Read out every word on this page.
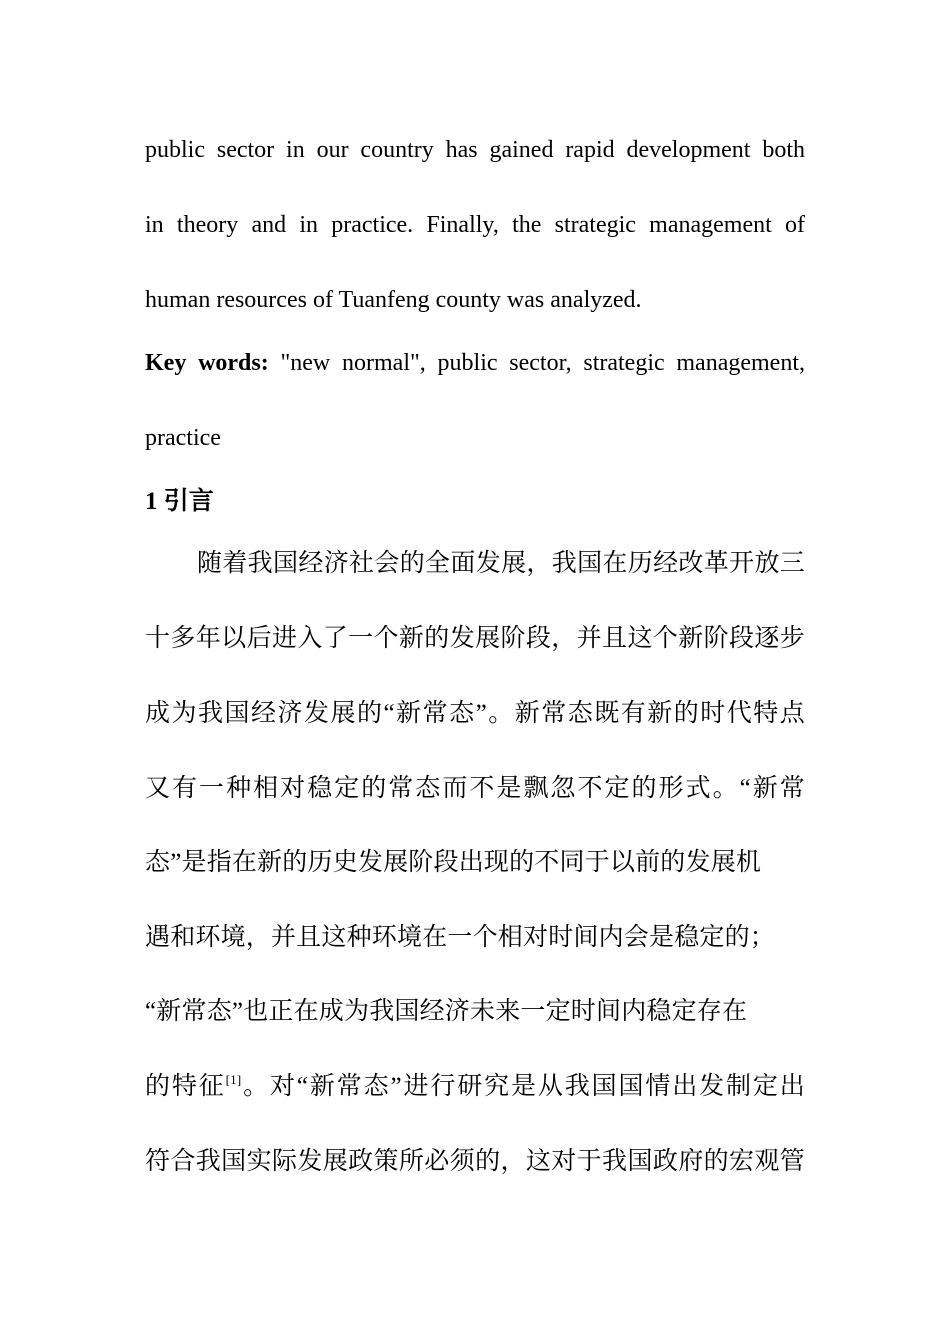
public sector in our country has gained rapid development both
in theory and in practice. Finally, the strategic management of
human resources of Tuanfeng county was analyzed.
Key words: "new normal", public sector, strategic management,
practice
1 引言
随着我国经济社会的全面发展，我国在历经改革开放三
十多年以后进入了一个新的发展阶段，并且这个新阶段逐步
成为我国经济发展的“新常态”。新常态既有新的时代特点
又有一种相对稳定的常态而不是飘忽不定的形式。“新常
态”是指在新的历史发展阶段出现的不同于以前的发展机
遇和环境，并且这种环境在一个相对时间内会是稳定的；
“新常态”也正在成为我国经济未来一定时间内稳定存在
的特征[1]。对“新常态”进行研究是从我国国情出发制定出
符合我国实际发展政策所必须的，这对于我国政府的宏观管
